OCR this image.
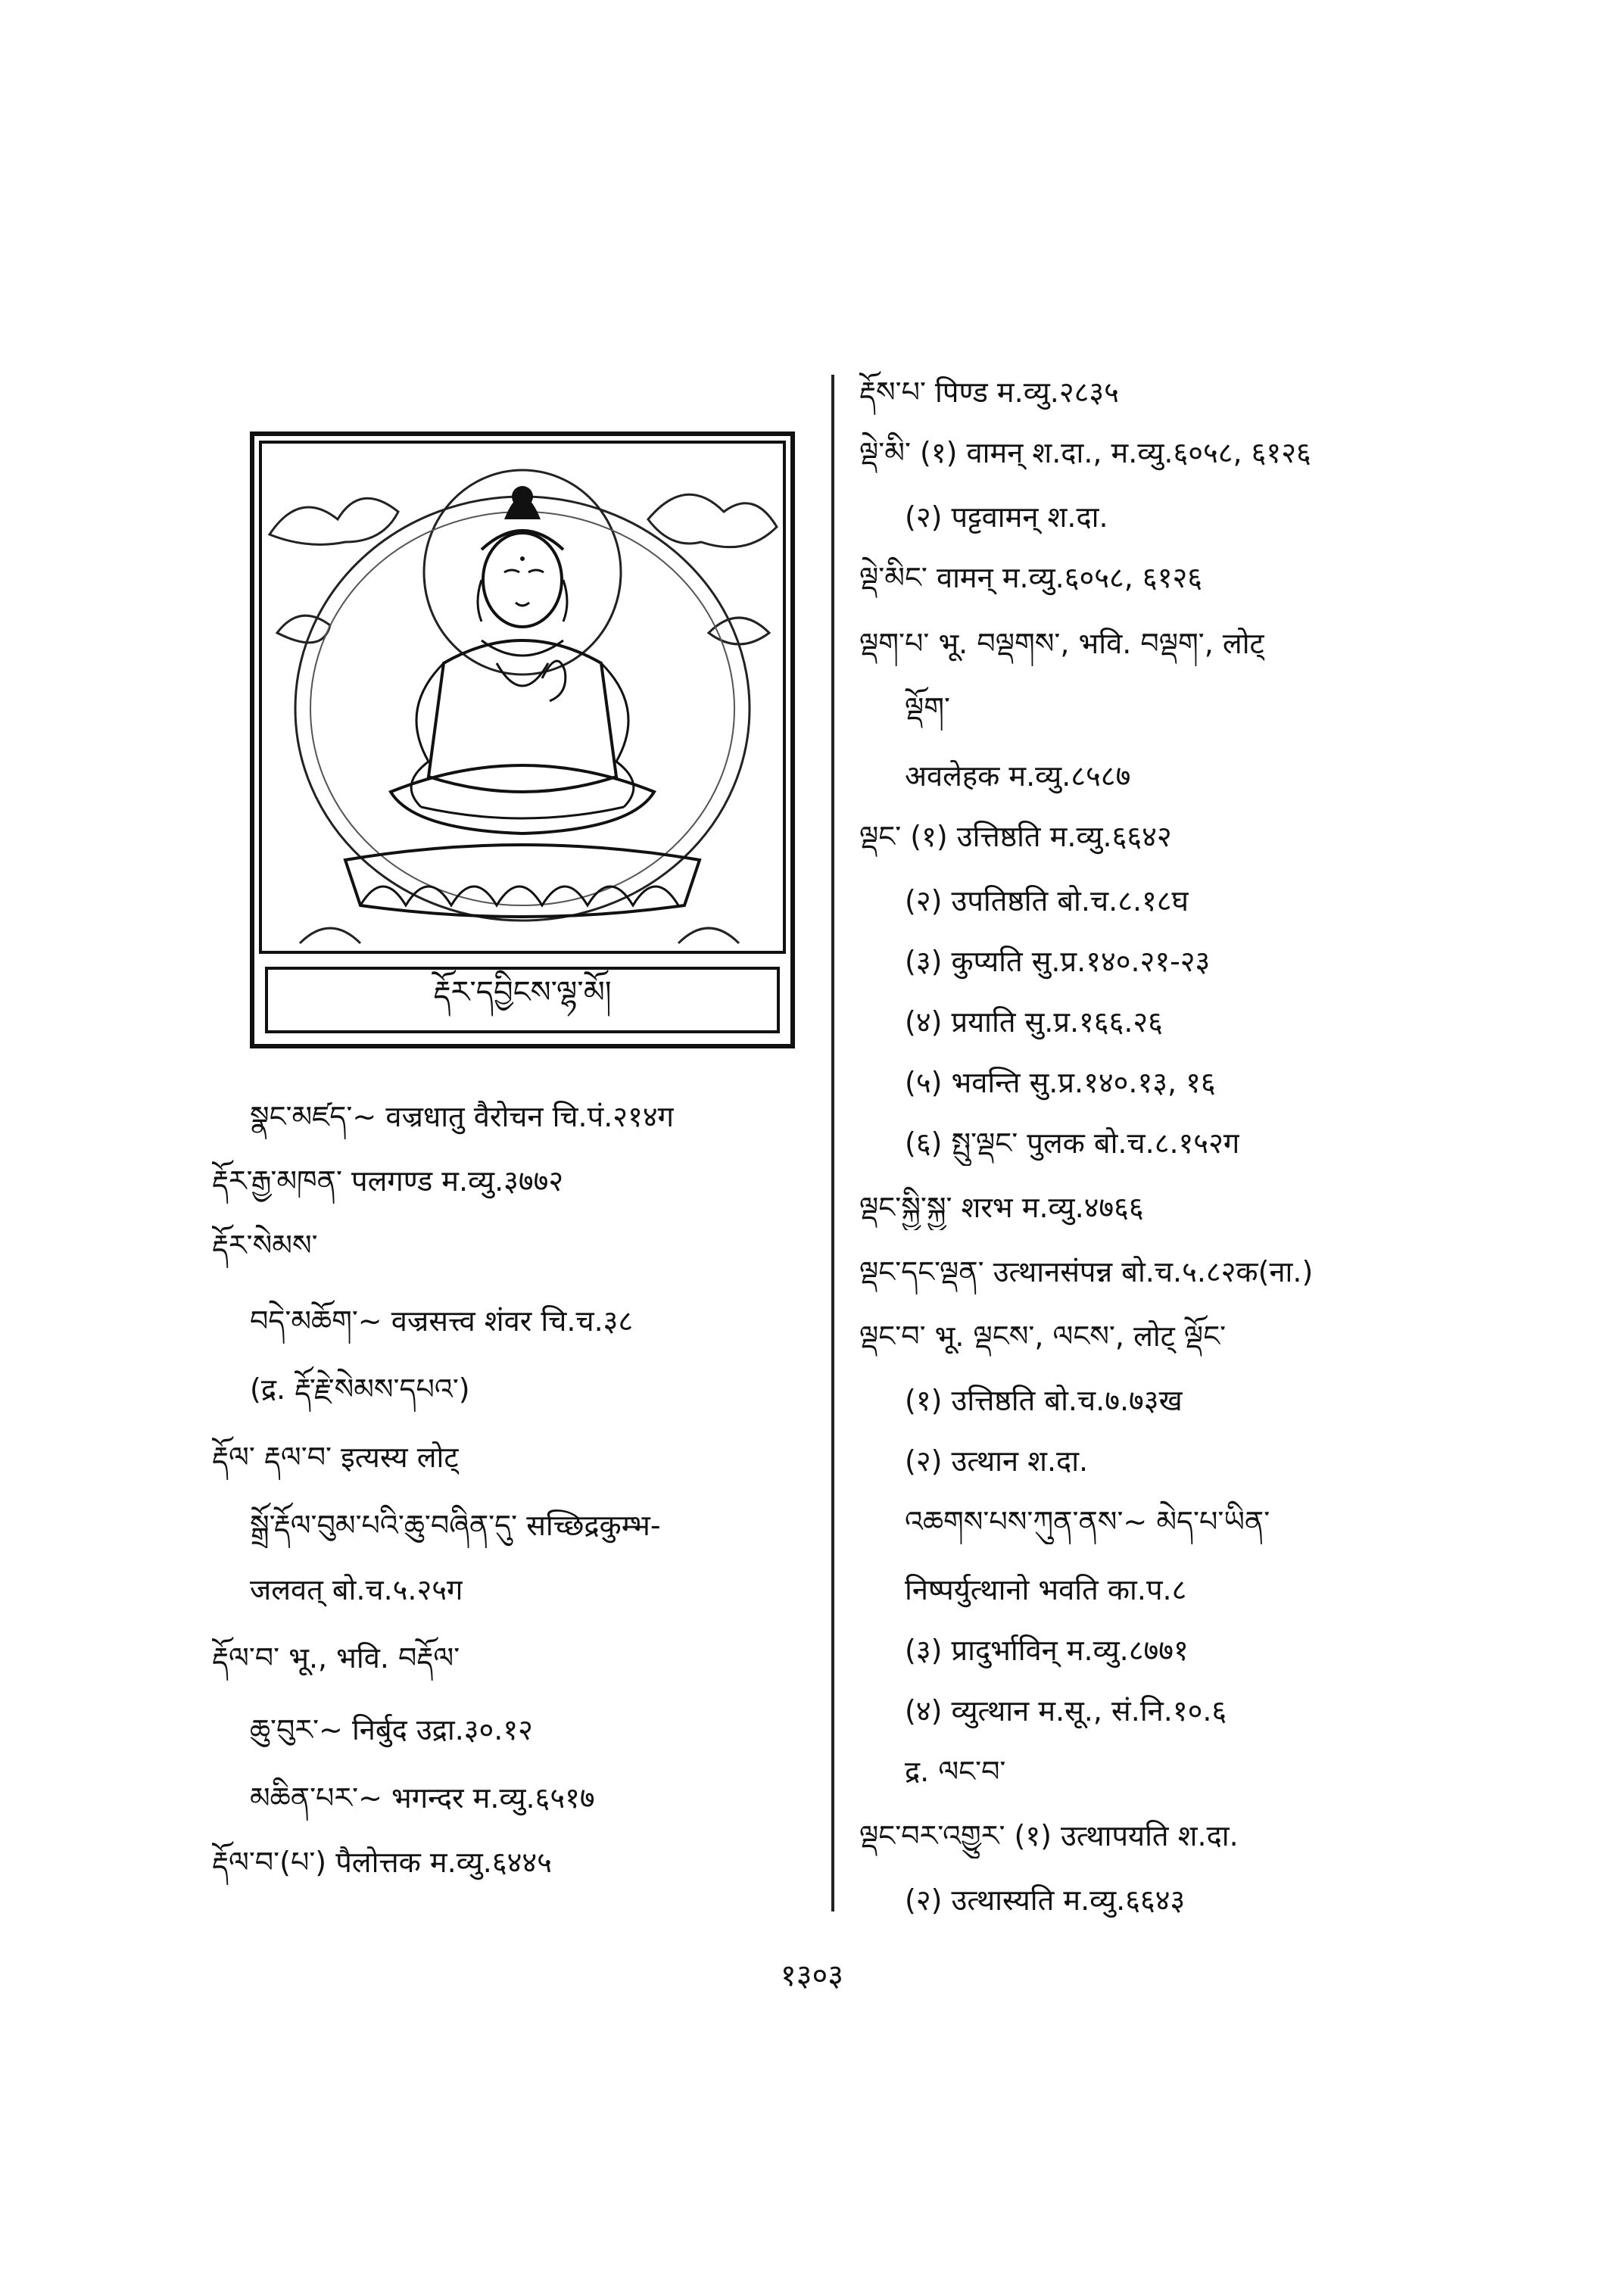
རྡོར་དབྱིངས་ལྷ་མོ།
སྣང་མཛད་~ वज्रधातु वैरोचन चि.पं.२१४ग
རྡོར་རྒྱ་མཁན་ पलगण्ड म.व्यु.३७७२
རྡོར་སེམས་
བདེ་མཆོག་~ वज्रसत्त्व शंवर चि.च.३८
(द्र. རྡོ་རྗེ་སེམས་དཔའ་)
རྡོལ་ རྡལ་བ་ इत्यस्य लोट्
སྒྲོ་རྡོལ་བུམ་པའི་ཆུ་བཞིན་དུ་ सच्छिद्रकुम्भ-
जलवत् बो.च.५.२५ग
རྡོལ་བ་ भू., भवि. བརྡོལ་
ཆུ་བུར་~ निर्बुद उद्रा.३०.१२
མཆིན་པར་~ भगन्दर म.व्यु.६५१७
རྡོལ་བ་(པ་) पैलोत्तक म.व्यु.६४४५
རྡོས་པ་ पिण्ड म.व्यु.२८३५
ལྡེ་མི་ (१) वामन् श.दा., म.व्यु.६०५८, ६१२६
(२) पट्टवामन् श.दा.
ལྡེ་མིང་ वामन् म.व्यु.६०५८, ६१२६
ལྡག་པ་ भू. བལྡགས་, भवि. བལྡག་, लोट्
ལྡོག་
अवलेहक म.व्यु.८५८७
ལྡང་ (१) उत्तिष्ठति म.व्यु.६६४२
(२) उपतिष्ठति बो.च.८.१८घ
(३) कुप्यति सु.प्र.१४०.२१-२३
(४) प्रयाति सु.प्र.१६६.२६
(५) भवन्ति सु.प्र.१४०.१३, १६
(६) སྤུ་ལྡང་ पुलक बो.च.८.१५२ग
ལྡང་སྐྱི་སྐྱ་ शरभ म.व्यु.४७६६
ལྡང་དང་ལྡན་ उत्थानसंपन्न बो.च.५.८२क(ना.)
ལྡང་བ་ भू. ལྡངས་, ལངས་, लोट् ལྡོང་
(१) उत्तिष्ठति बो.च.७.७३ख
(२) उत्थान श.दा.
འཆགས་པས་ཀུན་ནས་~ མེད་པ་ཡིན་
निष्पर्युत्थानो भवति का.प.८
(३) प्रादुर्भाविन् म.व्यु.८७७१
(४) व्युत्थान म.सू., सं.नि.१०.६
द्र. ལང་བ་
ལྡང་བར་འགྱུར་ (१) उत्थापयति श.दा.
(२) उत्थास्यति म.व्यु.६६४३
१३०३
